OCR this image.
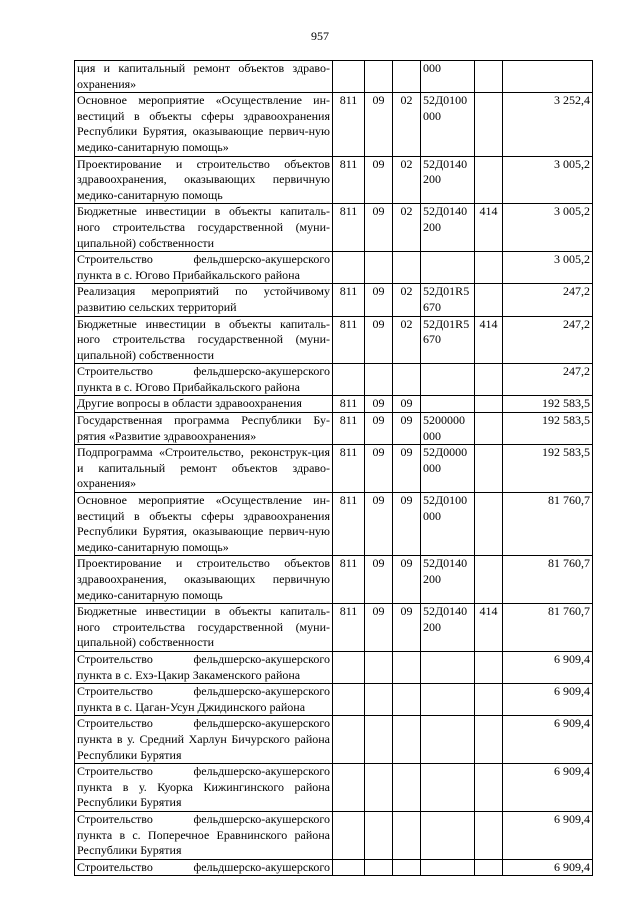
957
ция и капитальный ремонт объектов здраво-охранения»				000		
Основное мероприятие «Осуществление ин-вестиций в объекты сферы здравоохранения Республики Бурятия, оказывающие первич-ную медико-санитарную помощь»	811	09	02	52Д0100 000		3 252,4
Проектирование и строительство объектов здравоохранения, оказывающих первичную медико-санитарную помощь	811	09	02	52Д0140 200		3 005,2
Бюджетные инвестиции в объекты капиталь-ного строительства государственной (муни-ципальной) собственности	811	09	02	52Д0140 200	414	3 005,2
Строительство фельдшерско-акушерского пункта в с. Югово Прибайкальского района						3 005,2
Реализация мероприятий по устойчивому развитию сельских территорий	811	09	02	52Д01R5 670		247,2
Бюджетные инвестиции в объекты капиталь-ного строительства государственной (муни-ципальной) собственности	811	09	02	52Д01R5 670	414	247,2
Строительство фельдшерско-акушерского пункта в с. Югово Прибайкальского района						247,2
Другие вопросы в области здравоохранения	811	09	09			192 583,5
Государственная программа Республики Бу-рятия «Развитие здравоохранения»	811	09	09	5200000 000		192 583,5
Подпрограмма «Строительство, реконструк-ция и капитальный ремонт объектов здраво-охранения»	811	09	09	52Д0000 000		192 583,5
Основное мероприятие «Осуществление ин-вестиций в объекты сферы здравоохранения Республики Бурятия, оказывающие первич-ную медико-санитарную помощь»	811	09	09	52Д0100 000		81 760,7
Проектирование и строительство объектов здравоохранения, оказывающих первичную медико-санитарную помощь	811	09	09	52Д0140 200		81 760,7
Бюджетные инвестиции в объекты капиталь-ного строительства государственной (муни-ципальной) собственности	811	09	09	52Д0140 200	414	81 760,7
Строительство фельдшерско-акушерского пункта в с. Ехэ-Цакир Закаменского района						6 909,4
Строительство фельдшерско-акушерского пункта в с. Цаган-Усун Джидинского района						6 909,4
Строительство фельдшерско-акушерского пункта в у. Средний Харлун Бичурского района Республики Бурятия						6 909,4
Строительство фельдшерско-акушерского пункта в у. Куорка Кижингинского района Республики Бурятия						6 909,4
Строительство фельдшерско-акушерского пункта в с. Поперечное Еравнинского района Республики Бурятия						6 909,4
Строительство фельдшерско-акушерского						6 909,4
